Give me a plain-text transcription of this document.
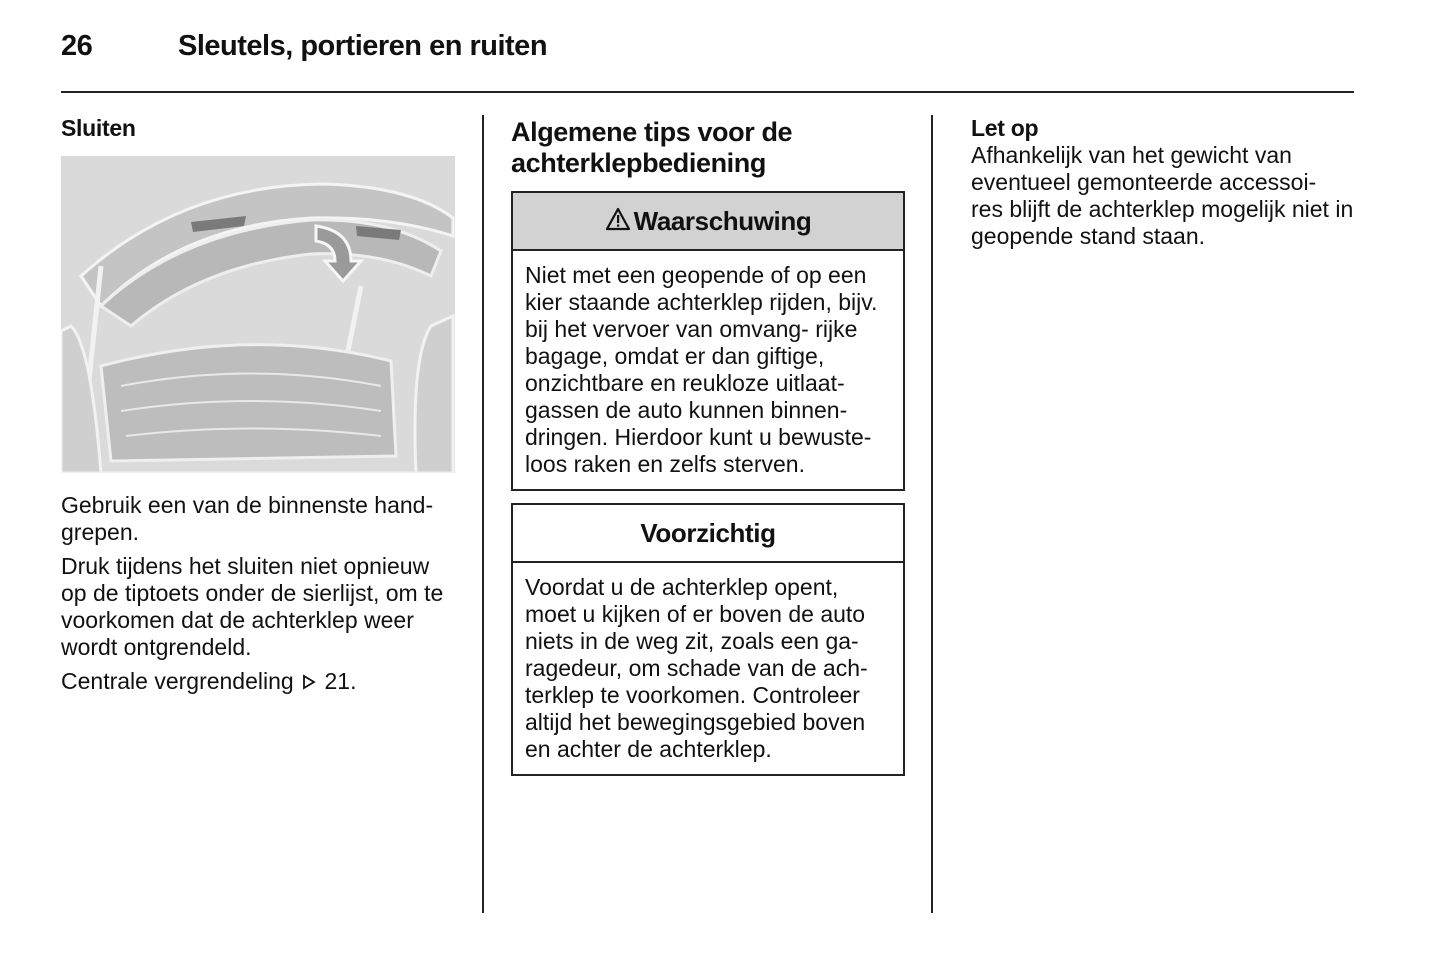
26	Sleutels, portieren en ruiten
Sluiten

Gebruik een van de binnenste hand- grepen.

Druk tijdens het sluiten niet opnieuw op de tiptoets onder de sierlijst, om te voorkomen dat de achterklep weer wordt ontgrendeld.

Centrale vergrendeling 21.

Algemene tips voor de achterklepbediening
Waarschuwing
Niet met een geopende of op een kier staande achterklep rijden, bijv. bij het vervoer van omvang- rijke bagage, omdat er dan giftige, onzichtbare en reukloze uitlaat- gassen de auto kunnen binnen- dringen. Hierdoor kunt u bewuste- loos raken en zelfs sterven.
Voorzichtig
Voordat u de achterklep opent, moet u kijken of er boven de auto niets in de weg zit, zoals een ga- ragedeur, om schade van de ach- terklep te voorkomen. Controleer altijd het bewegingsgebied boven en achter de achterklep.
Let op
Afhankelijk van het gewicht van eventueel gemonteerde accessoi- res blijft de achterklep mogelijk niet in geopende stand staan.
